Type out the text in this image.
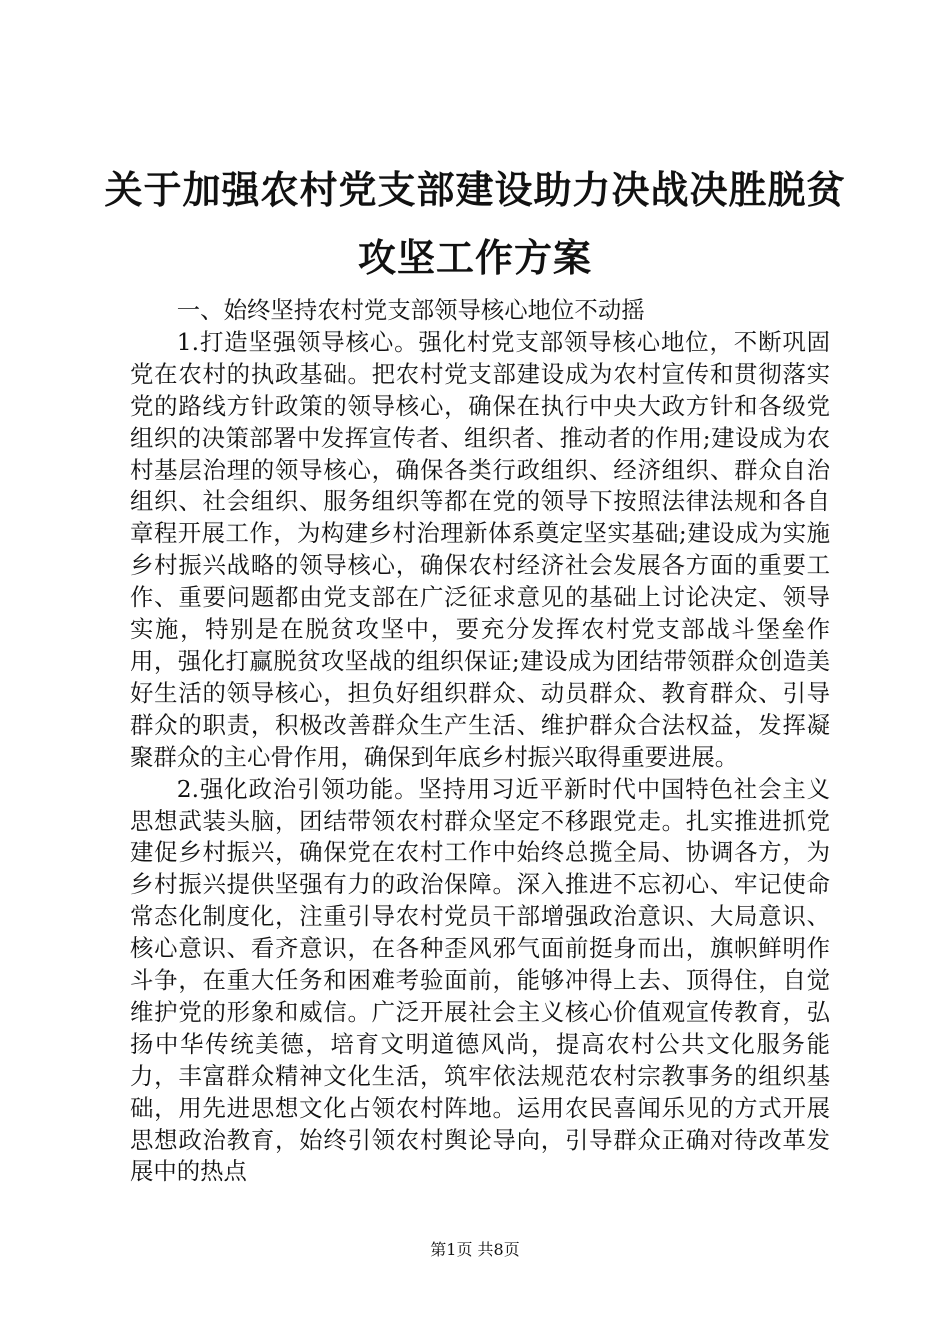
关于加强农村党支部建设助力决战决胜脱贫攻坚工作方案

一、始终坚持农村党支部领导核心地位不动摇

1.打造坚强领导核心。强化村党支部领导核心地位，不断巩固党在农村的执政基础。把农村党支部建设成为农村宣传和贯彻落实党的路线方针政策的领导核心，确保在执行中央大政方针和各级党组织的决策部署中发挥宣传者、组织者、推动者的作用;建设成为农村基层治理的领导核心，确保各类行政组织、经济组织、群众自治组织、社会组织、服务组织等都在党的领导下按照法律法规和各自章程开展工作，为构建乡村治理新体系奠定坚实基础;建设成为实施乡村振兴战略的领导核心，确保农村经济社会发展各方面的重要工作、重要问题都由党支部在广泛征求意见的基础上讨论决定、领导实施，特别是在脱贫攻坚中，要充分发挥农村党支部战斗堡垒作用，强化打赢脱贫攻坚战的组织保证;建设成为团结带领群众创造美好生活的领导核心，担负好组织群众、动员群众、教育群众、引导群众的职责，积极改善群众生产生活、维护群众合法权益，发挥凝聚群众的主心骨作用，确保到年底乡村振兴取得重要进展。

2.强化政治引领功能。坚持用习近平新时代中国特色社会主义思想武装头脑，团结带领农村群众坚定不移跟党走。扎实推进抓党建促乡村振兴，确保党在农村工作中始终总揽全局、协调各方，为乡村振兴提供坚强有力的政治保障。深入推进不忘初心、牢记使命常态化制度化，注重引导农村党员干部增强政治意识、大局意识、核心意识、看齐意识，在各种歪风邪气面前挺身而出，旗帜鲜明作斗争，在重大任务和困难考验面前，能够冲得上去、顶得住，自觉维护党的形象和威信。广泛开展社会主义核心价值观宣传教育，弘扬中华传统美德，培育文明道德风尚，提高农村公共文化服务能力，丰富群众精神文化生活，筑牢依法规范农村宗教事务的组织基础，用先进思想文化占领农村阵地。运用农民喜闻乐见的方式开展思想政治教育，始终引领农村舆论导向，引导群众正确对待改革发展中的热点

第1页 共8页
